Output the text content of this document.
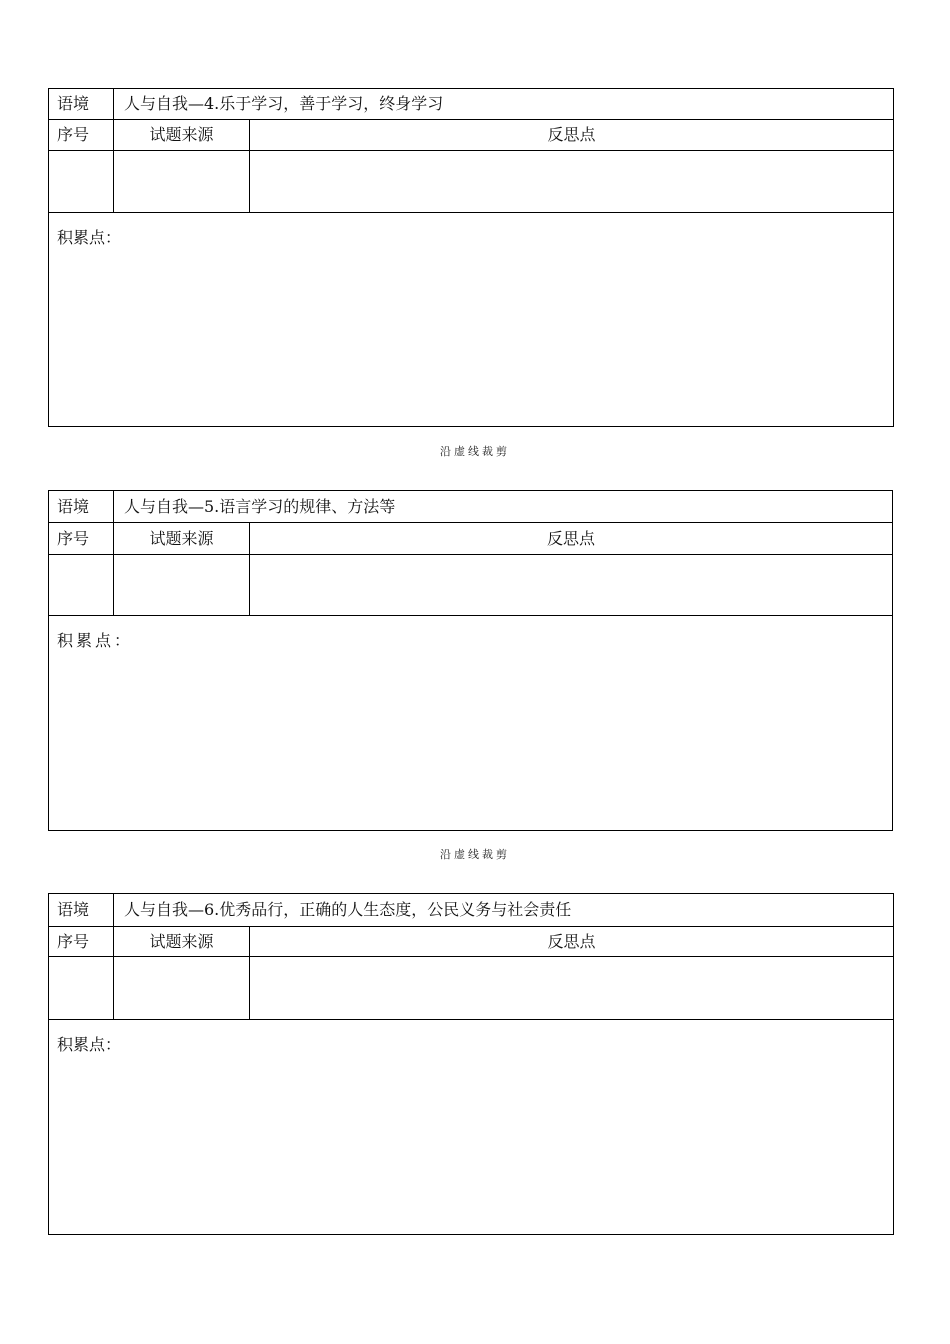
语境	人与自我—4.乐于学习，善于学习，终身学习
序号	试题来源	反思点
积累点：
沿虚线裁剪
语境	人与自我—5.语言学习的规律、方法等
序号	试题来源	反思点
积累点：
沿虚线裁剪
语境	人与自我—6.优秀品行，正确的人生态度，公民义务与社会责任
序号	试题来源	反思点
积累点：
